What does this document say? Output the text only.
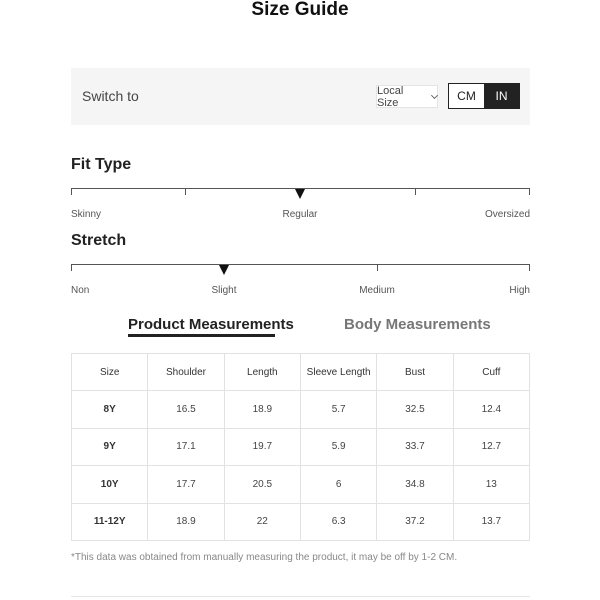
Size Guide
Switch to	Local Size	CM	IN
Fit Type
Skinny	Regular	Oversized
Stretch
Non	Slight	Medium	High
Product Measurements	Body Measurements
Size	Shoulder	Length	Sleeve Length	Bust	Cuff
8Y	16.5	18.9	5.7	32.5	12.4
9Y	17.1	19.7	5.9	33.7	12.7
10Y	17.7	20.5	6	34.8	13
11-12Y	18.9	22	6.3	37.2	13.7
*This data was obtained from manually measuring the product, it may be off by 1-2 CM.
